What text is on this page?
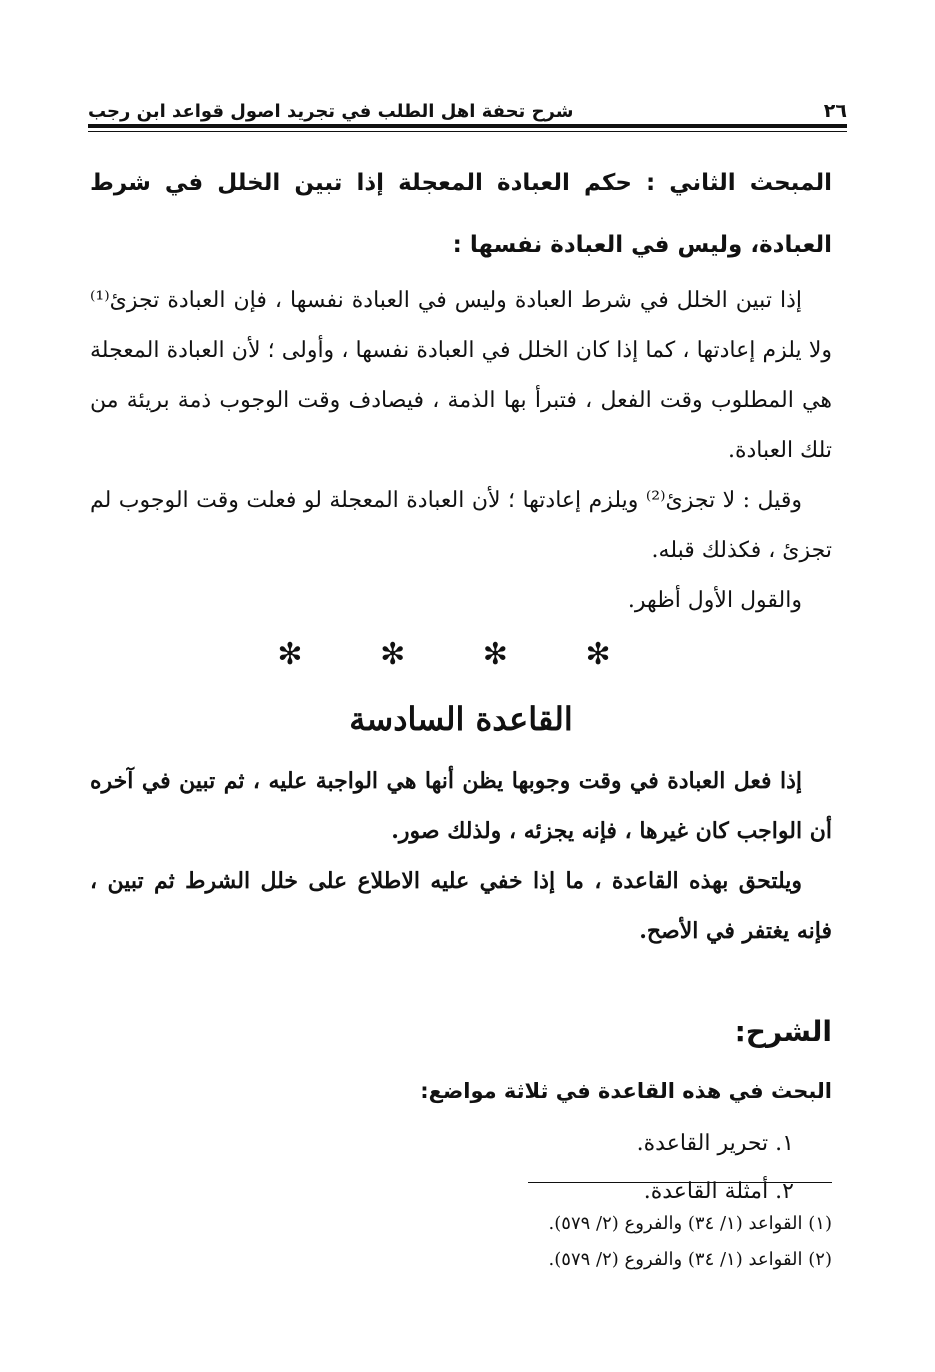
٢٦
شرح تحفة اهل الطلب في تجريد اصول قواعد ابن رجب

المبحث الثاني : حكم العبادة المعجلة إذا تبين الخلل في شرط العبادة، وليس في العبادة نفسها :

إذا تبين الخلل في شرط العبادة وليس في العبادة نفسها ، فإن العبادة تجزئ⁽¹⁾ ولا يلزم إعادتها ، كما إذا كان الخلل في العبادة نفسها ، وأولى ؛ لأن العبادة المعجلة هي المطلوب وقت الفعل ، فتبرأ بها الذمة ، فيصادف وقت الوجوب ذمة بريئة من تلك العبادة.

وقيل : لا تجزئ⁽²⁾ ويلزم إعادتها ؛ لأن العبادة المعجلة لو فعلت وقت الوجوب لم تجزئ ، فكذلك قبله.

والقول الأول أظهر.

✻ ✻ ✻ ✻
القاعدة السادسة

إذا فعل العبادة في وقت وجوبها يظن أنها هي الواجبة عليه ، ثم تبين في آخره أن الواجب كان غيرها ، فإنه يجزئه ، ولذلك صور.

ويلتحق بهذه القاعدة ، ما إذا خفي عليه الاطلاع على خلل الشرط ثم تبين ، فإنه يغتفر في الأصح.

الشرح:
البحث في هذه القاعدة في ثلاثة مواضع:
١. تحرير القاعدة.
٢. أمثلة القاعدة.

(١) القواعد (١/ ٣٤) والفروع (٢/ ٥٧٩).

(٢) القواعد (١/ ٣٤) والفروع (٢/ ٥٧٩).
